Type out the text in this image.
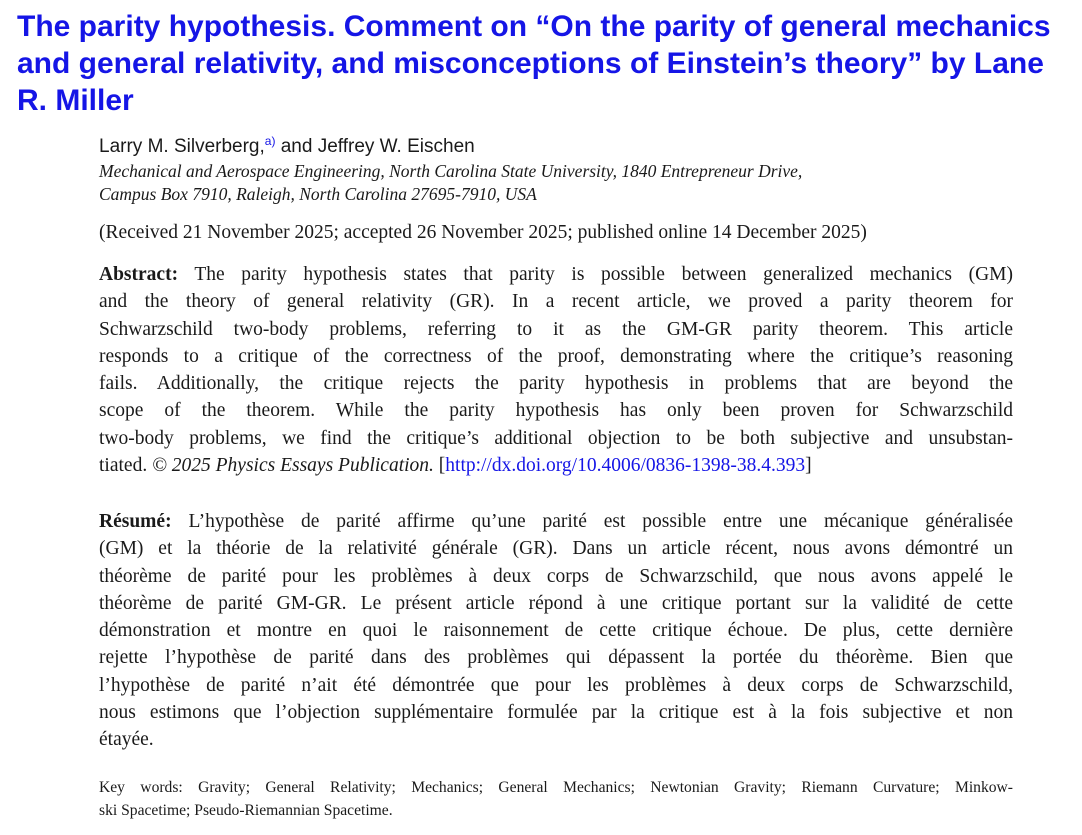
The parity hypothesis. Comment on “On the parity of general mechanics and general relativity, and misconceptions of Einstein’s theory” by Lane R. Miller
Larry M. Silverberg,$^{a)}$ and Jeffrey W. Eischen
Mechanical and Aerospace Engineering, North Carolina State University, 1840 Entrepreneur Drive,
Campus Box 7910, Raleigh, North Carolina 27695-7910, USA
(Received 21 November 2025; accepted 26 November 2025; published online 14 December 2025)
Abstract: The parity hypothesis states that parity is possible between generalized mechanics (GM)
and the theory of general relativity (GR). In a recent article, we proved a parity theorem for
Schwarzschild two-body problems, referring to it as the GM-GR parity theorem. This article
responds to a critique of the correctness of the proof, demonstrating where the critique’s reasoning
fails. Additionally, the critique rejects the parity hypothesis in problems that are beyond the
scope of the theorem. While the parity hypothesis has only been proven for Schwarzschild
two-body problems, we find the critique’s additional objection to be both subjective and unsubstan-
tiated. © 2025 Physics Essays Publication. [http://dx.doi.org/10.4006/0836-1398-38.4.393]
Résumé: L’hypothèse de parité affirme qu’une parité est possible entre une mécanique généralisée
(GM) et la théorie de la relativité générale (GR). Dans un article récent, nous avons démontré un
théorème de parité pour les problèmes à deux corps de Schwarzschild, que nous avons appelé le
théorème de parité GM-GR. Le présent article répond à une critique portant sur la validité de cette
démonstration et montre en quoi le raisonnement de cette critique échoue. De plus, cette dernière
rejette l’hypothèse de parité dans des problèmes qui dépassent la portée du théorème. Bien que
l’hypothèse de parité n’ait été démontrée que pour les problèmes à deux corps de Schwarzschild,
nous estimons que l’objection supplémentaire formulée par la critique est à la fois subjective et non
étayée.
Key words: Gravity; General Relativity; Mechanics; General Mechanics; Newtonian Gravity; Riemann Curvature; Minkow-
ski Spacetime; Pseudo-Riemannian Spacetime.
